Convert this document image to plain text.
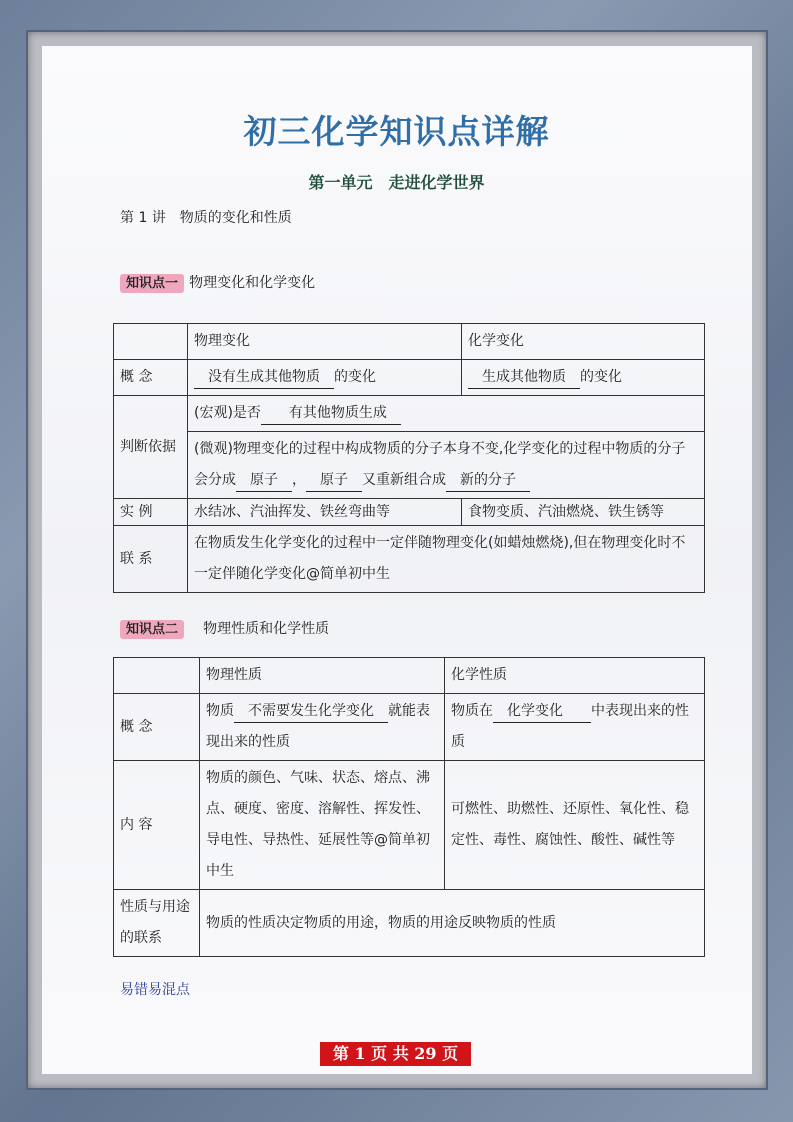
初三化学知识点详解
第一单元　走进化学世界
第 1 讲　物质的变化和性质
知识点一 物理变化和化学变化
	物理变化	化学变化
概 念	　没有生成其他物质　的变化	　生成其他物质　的变化
判断依据	(宏观)是否　　有其他物质生成　	
	(微观)物理变化的过程中构成物质的分子本身不变,化学变化的过程中物质的分子会分成　原子　，　原子　又重新组合成　新的分子　	
实 例	水结冰、汽油挥发、铁丝弯曲等	食物变质、汽油燃烧、铁生锈等
联 系	在物质发生化学变化的过程中一定伴随物理变化(如蜡烛燃烧),但在物理变化时不一定伴随化学变化@简单初中生	
知识点二 物理性质和化学性质
	物理性质	化学性质
概 念	物质　不需要发生化学变化　就能表现出来的性质	物质在　化学变化　　中表现出来的性质
内 容	物质的颜色、气味、状态、熔点、沸点、硬度、密度、溶解性、挥发性、导电性、导热性、延展性等@简单初中生	可燃性、助燃性、还原性、氧化性、稳定性、毒性、腐蚀性、酸性、碱性等
性质与用途的联系	物质的性质决定物质的用途，物质的用途反映物质的性质	
易错易混点
第 1 页 共 29 页
